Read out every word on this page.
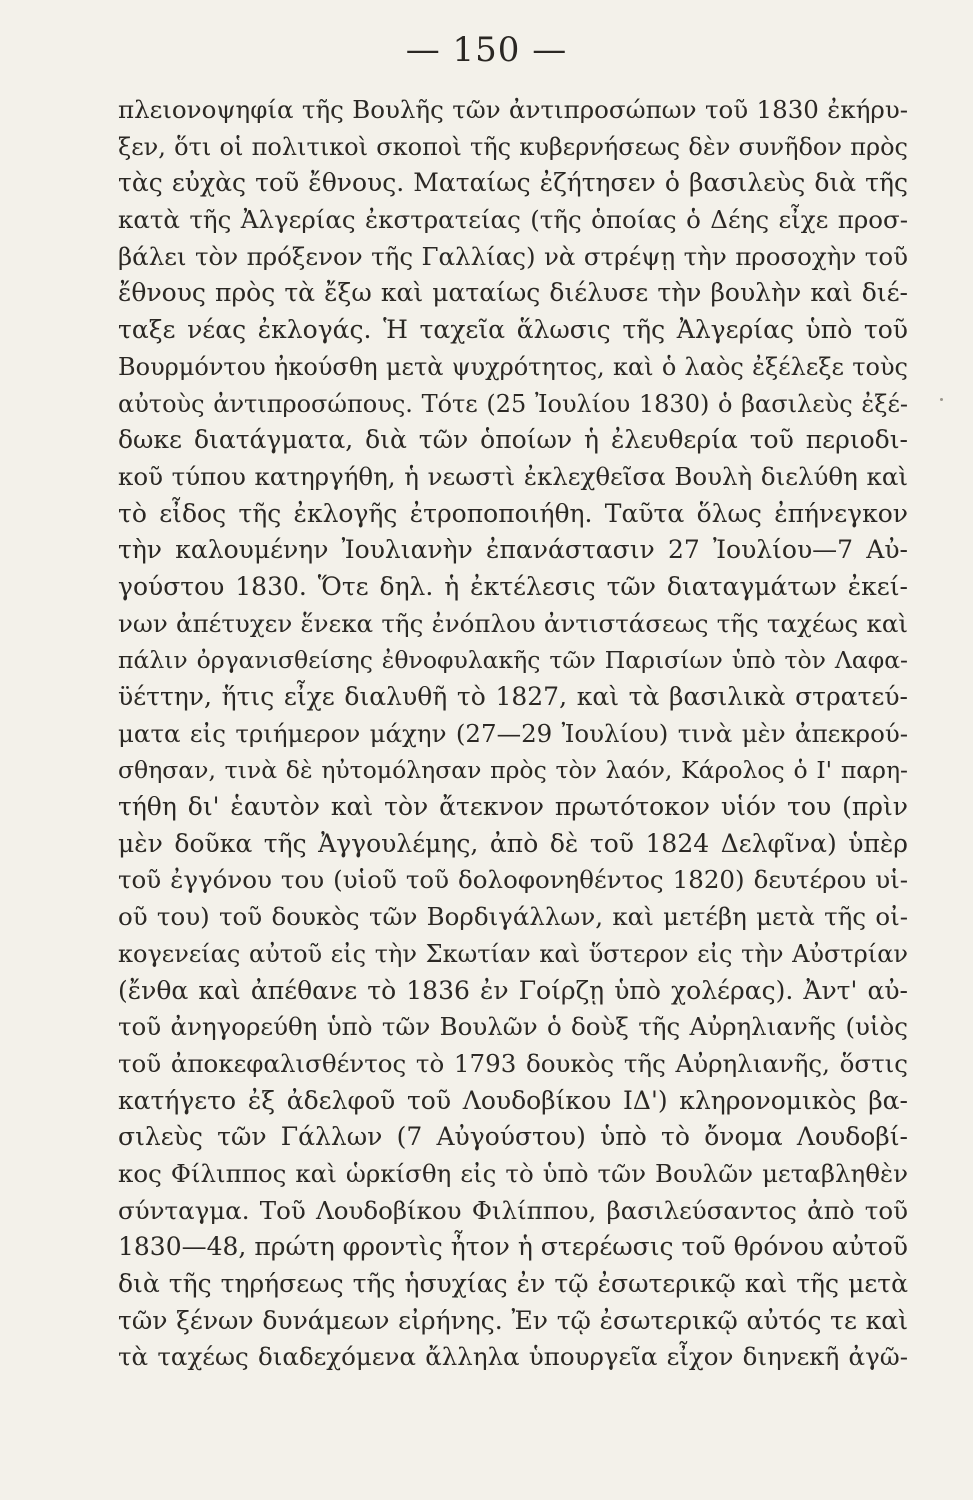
— 150 —
πλειονοψηφία τῆς Βουλῆς τῶν ἀντιπροσώπων τοῦ 1830 ἐκήρυ-
ξεν, ὅτι οἱ πολιτικοὶ σκοποὶ τῆς κυβερνήσεως δὲν συνῆδον πρὸς
τὰς εὐχὰς τοῦ ἔθνους. Ματαίως ἐζήτησεν ὁ βασιλεὺς διὰ τῆς
κατὰ τῆς Ἀλγερίας ἐκστρατείας (τῆς ὁποίας ὁ Δέης εἶχε προσ-
βάλει τὸν πρόξενον τῆς Γαλλίας) νὰ στρέψῃ τὴν προσοχὴν τοῦ
ἔθνους πρὸς τὰ ἔξω καὶ ματαίως διέλυσε τὴν βουλὴν καὶ διέ-
ταξε νέας ἐκλογάς. Ἡ ταχεῖα ἅλωσις τῆς Ἀλγερίας ὑπὸ τοῦ
Βουρμόντου ἠκούσθη μετὰ ψυχρότητος, καὶ ὁ λαὸς ἐξέλεξε τοὺς
αὐτοὺς ἀντιπροσώπους. Τότε (25 Ἰουλίου 1830) ὁ βασιλεὺς ἐξέ-
δωκε διατάγματα, διὰ τῶν ὁποίων ἡ ἐλευθερία τοῦ περιοδι-
κοῦ τύπου κατηργήθη, ἡ νεωστὶ ἐκλεχθεῖσα Βουλὴ διελύθη καὶ
τὸ εἶδος τῆς ἐκλογῆς ἐτροποποιήθη. Ταῦτα ὅλως ἐπήνεγκον
τὴν καλουμένην Ἰουλιανὴν ἐπανάστασιν 27 Ἰουλίου—7 Αὐ-
γούστου 1830. Ὅτε δηλ. ἡ ἐκτέλεσις τῶν διαταγμάτων ἐκεί-
νων ἀπέτυχεν ἕνεκα τῆς ἐνόπλου ἀντιστάσεως τῆς ταχέως καὶ
πάλιν ὀργανισθείσης ἐθνοφυλακῆς τῶν Παρισίων ὑπὸ τὸν Λαφα-
ϋέττην, ἥτις εἶχε διαλυθῆ τὸ 1827, καὶ τὰ βασιλικὰ στρατεύ-
ματα εἰς τριήμερον μάχην (27—29 Ἰουλίου) τινὰ μὲν ἀπεκρού-
σθησαν, τινὰ δὲ ηὐτομόλησαν πρὸς τὸν λαόν, Κάρολος ὁ Ι' παρη-
τήθη δι' ἑαυτὸν καὶ τὸν ἄτεκνον πρωτότοκον υἱόν του (πρὶν
μὲν δοῦκα τῆς Ἀγγουλέμης, ἀπὸ δὲ τοῦ 1824 Δελφῖνα) ὑπὲρ
τοῦ ἐγγόνου του (υἱοῦ τοῦ δολοφονηθέντος 1820) δευτέρου υἱ-
οῦ του) τοῦ δουκὸς τῶν Βορδιγάλλων, καὶ μετέβη μετὰ τῆς οἰ-
κογενείας αὐτοῦ εἰς τὴν Σκωτίαν καὶ ὕστερον εἰς τὴν Αὐστρίαν
(ἔνθα καὶ ἀπέθανε τὸ 1836 ἐν Γοίρζῃ ὑπὸ χολέρας). Ἀντ' αὐ-
τοῦ ἀνηγορεύθη ὑπὸ τῶν Βουλῶν ὁ δοὺξ τῆς Αὐρηλιανῆς (υἱὸς
τοῦ ἀποκεφαλισθέντος τὸ 1793 δουκὸς τῆς Αὐρηλιανῆς, ὅστις
κατήγετο ἐξ ἀδελφοῦ τοῦ Λουδοβίκου ΙΔ') κληρονομικὸς βα-
σιλεὺς τῶν Γάλλων (7 Αὐγούστου) ὑπὸ τὸ ὄνομα Λουδοβί-
κος Φίλιππος καὶ ὡρκίσθη εἰς τὸ ὑπὸ τῶν Βουλῶν μεταβληθὲν
σύνταγμα. Τοῦ Λουδοβίκου Φιλίππου, βασιλεύσαντος ἀπὸ τοῦ
1830—48, πρώτη φροντὶς ἦτον ἡ στερέωσις τοῦ θρόνου αὐτοῦ
διὰ τῆς τηρήσεως τῆς ἡσυχίας ἐν τῷ ἐσωτερικῷ καὶ τῆς μετὰ
τῶν ξένων δυνάμεων εἰρήνης. Ἐν τῷ ἐσωτερικῷ αὐτός τε καὶ
τὰ ταχέως διαδεχόμενα ἄλληλα ὑπουργεῖα εἶχον διηνεκῆ ἀγῶ-
